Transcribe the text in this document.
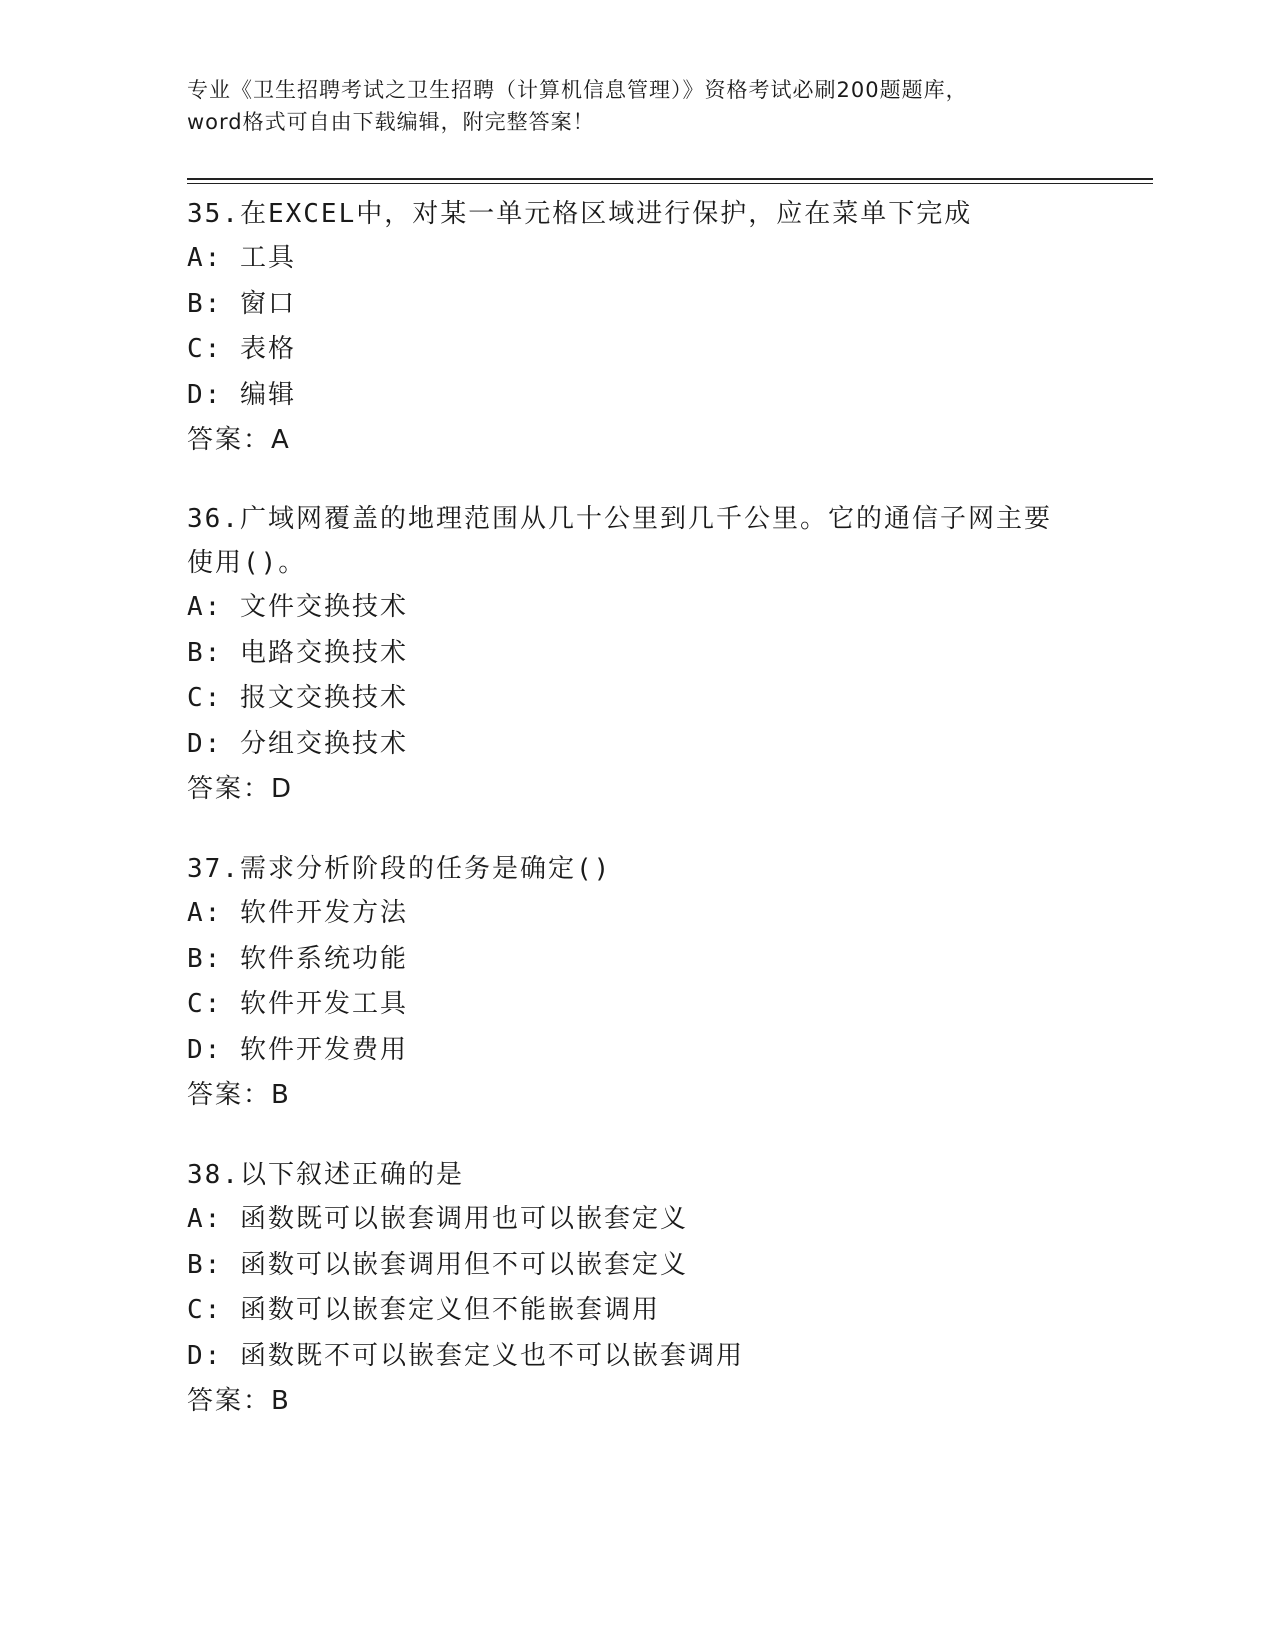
专业《卫生招聘考试之卫生招聘（计算机信息管理）》资格考试必刷200题题库，
word格式可自由下载编辑，附完整答案！

35.在EXCEL中，对某一单元格区域进行保护，应在菜单下完成

A: 工具

B: 窗口

C: 表格

D: 编辑

答案：A

36.广域网覆盖的地理范围从几十公里到几千公里。它的通信子网主要

使用()。

A: 文件交换技术

B: 电路交换技术

C: 报文交换技术

D: 分组交换技术

答案：D

37.需求分析阶段的任务是确定()

A: 软件开发方法

B: 软件系统功能

C: 软件开发工具

D: 软件开发费用

答案：B

38.以下叙述正确的是

A: 函数既可以嵌套调用也可以嵌套定义

B: 函数可以嵌套调用但不可以嵌套定义

C: 函数可以嵌套定义但不能嵌套调用

D: 函数既不可以嵌套定义也不可以嵌套调用

答案：B
